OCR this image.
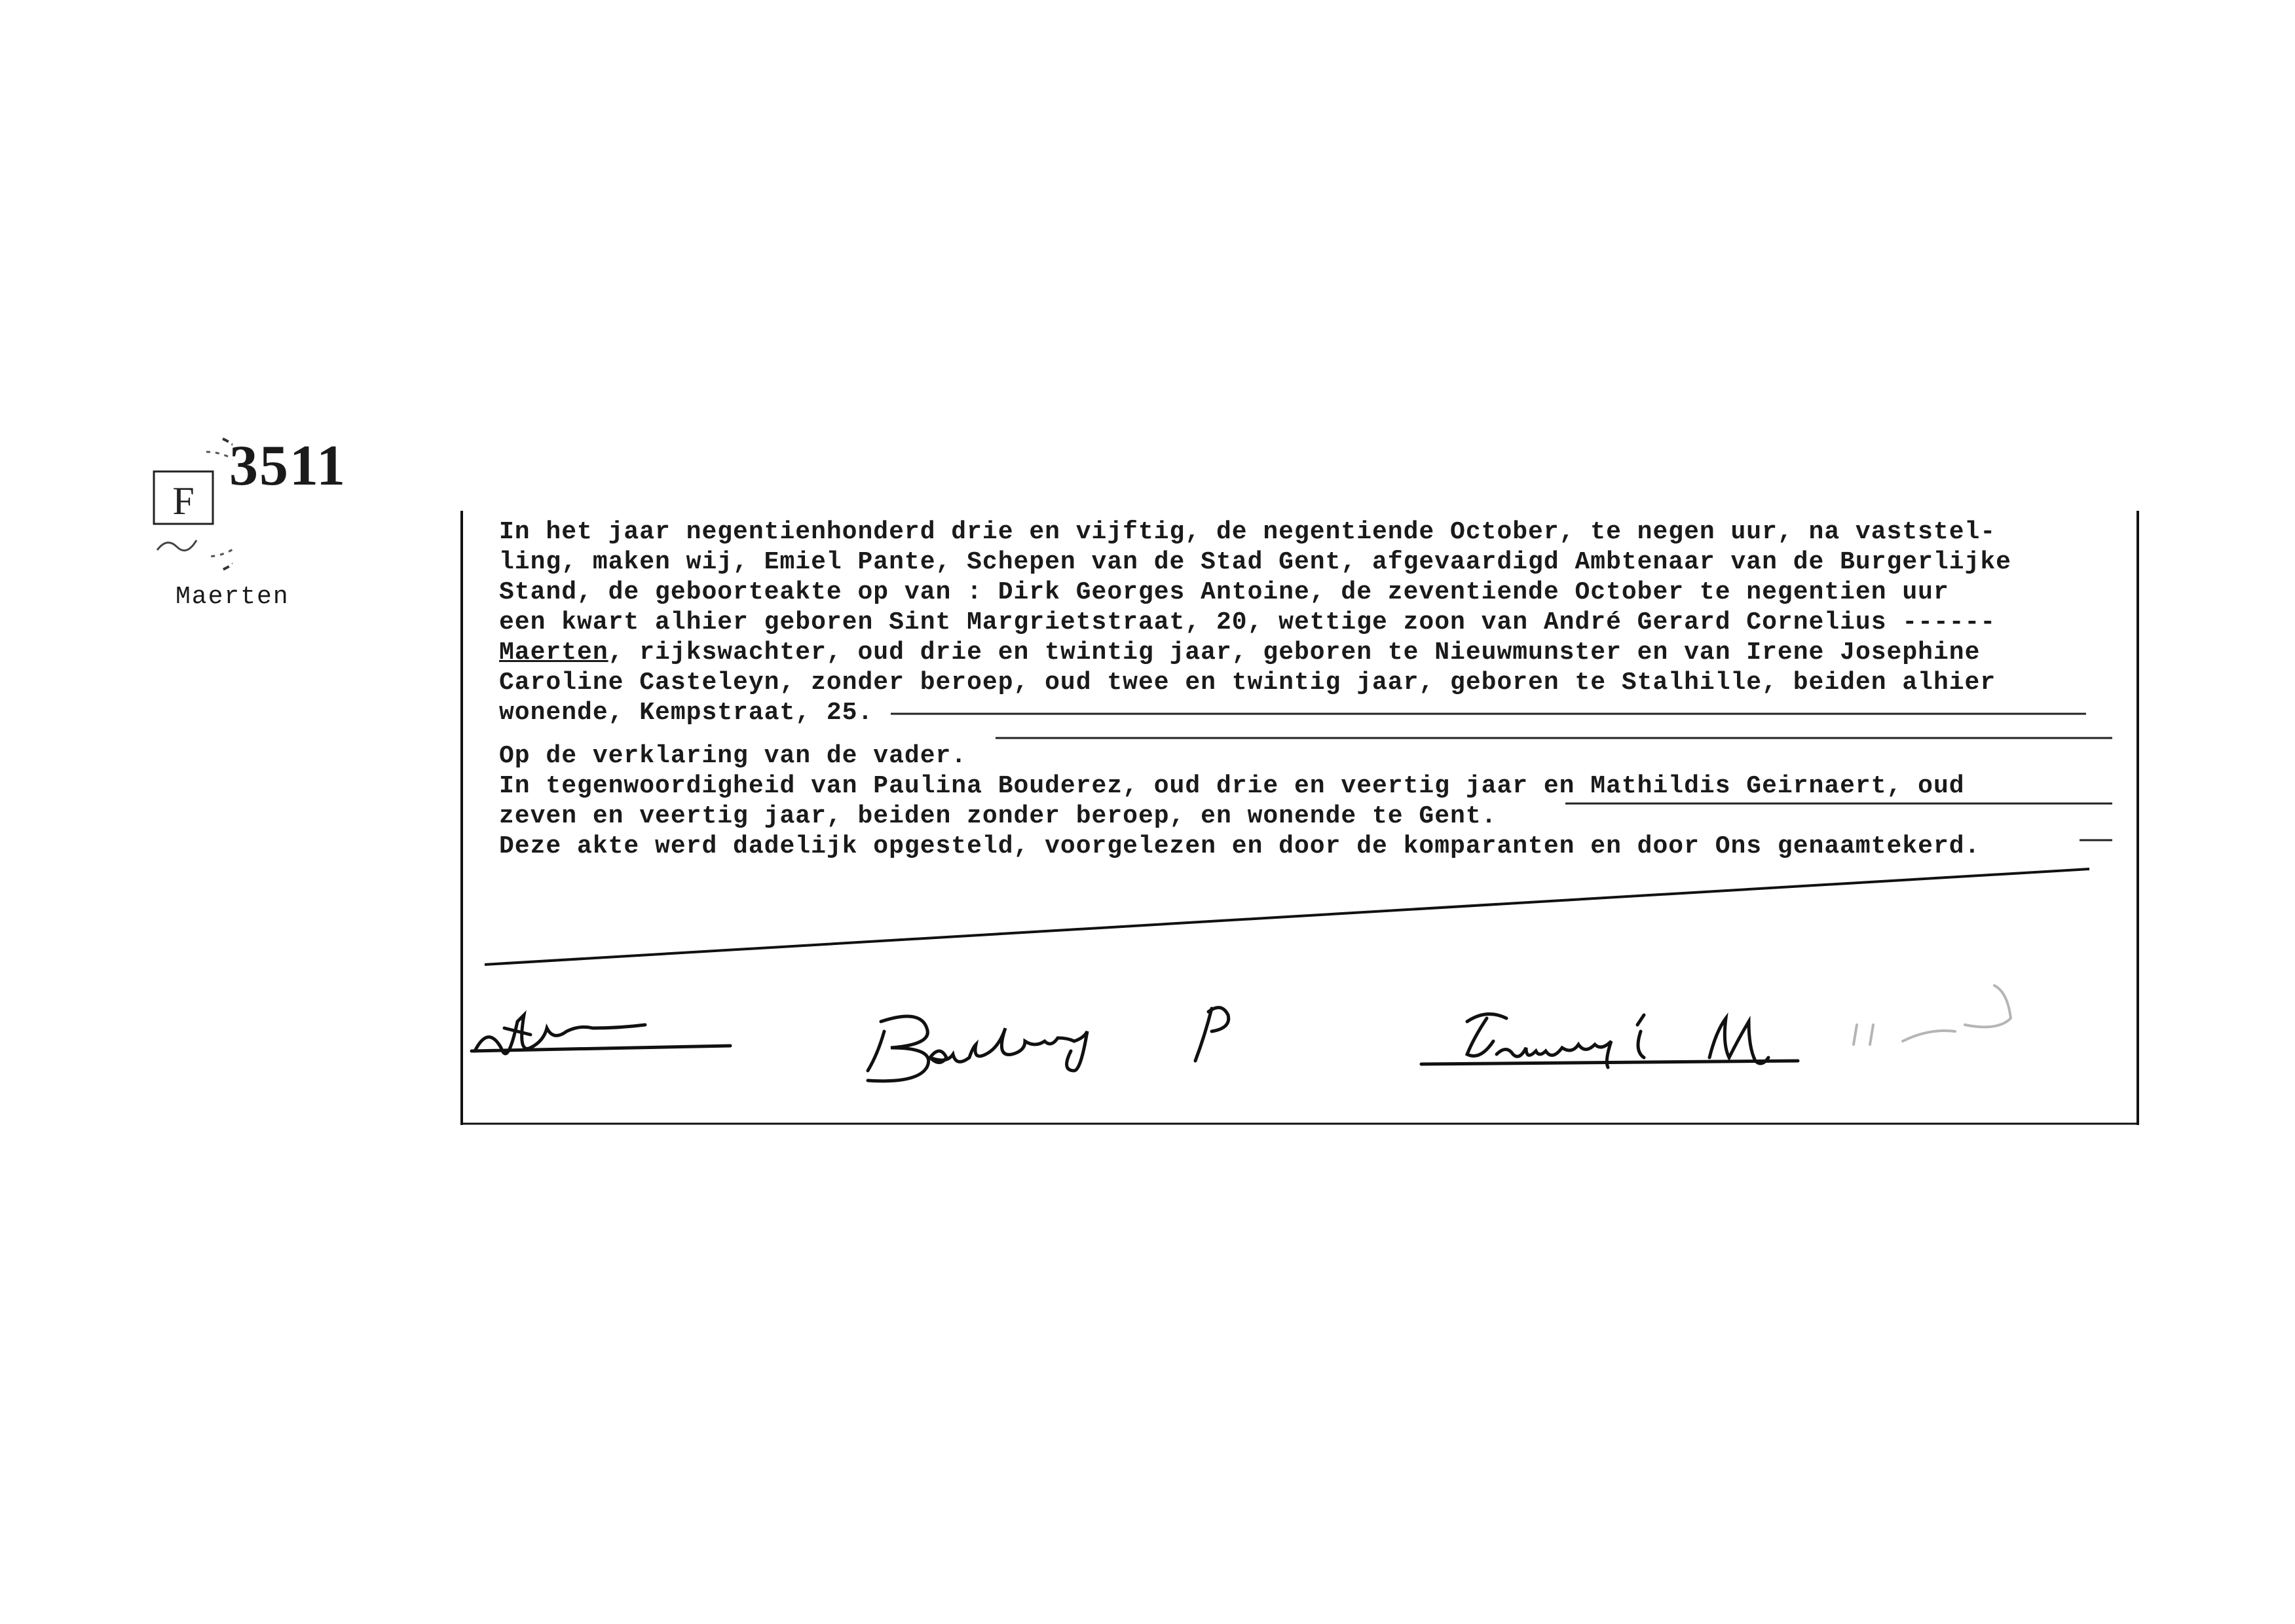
F
3511

Maerten

In het jaar negentienhonderd drie en vijftig, de negentiende October, te negen uur, na vaststel-

ling, maken wij, Emiel Pante, Schepen van de Stad Gent, afgevaardigd Ambtenaar van de Burgerlijke

Stand, de geboorteakte op van : Dirk Georges Antoine, de zeventiende October te negentien uur

een kwart alhier geboren Sint Margrietstraat, 20, wettige zoon van André Gerard Cornelius ------

Maerten, rijkswachter, oud drie en twintig jaar, geboren te Nieuwmunster en van Irene Josephine

Caroline Casteleyn, zonder beroep, oud twee en twintig jaar, geboren te Stalhille, beiden alhier

wonende, Kempstraat, 25.

Op de verklaring van de vader.

In tegenwoordigheid van Paulina Bouderez, oud drie en veertig jaar en Mathildis Geirnaert, oud

zeven en veertig jaar, beiden zonder beroep, en wonende te Gent.

Deze akte werd dadelijk opgesteld, voorgelezen en door de komparanten en door Ons genaamtekerd.
